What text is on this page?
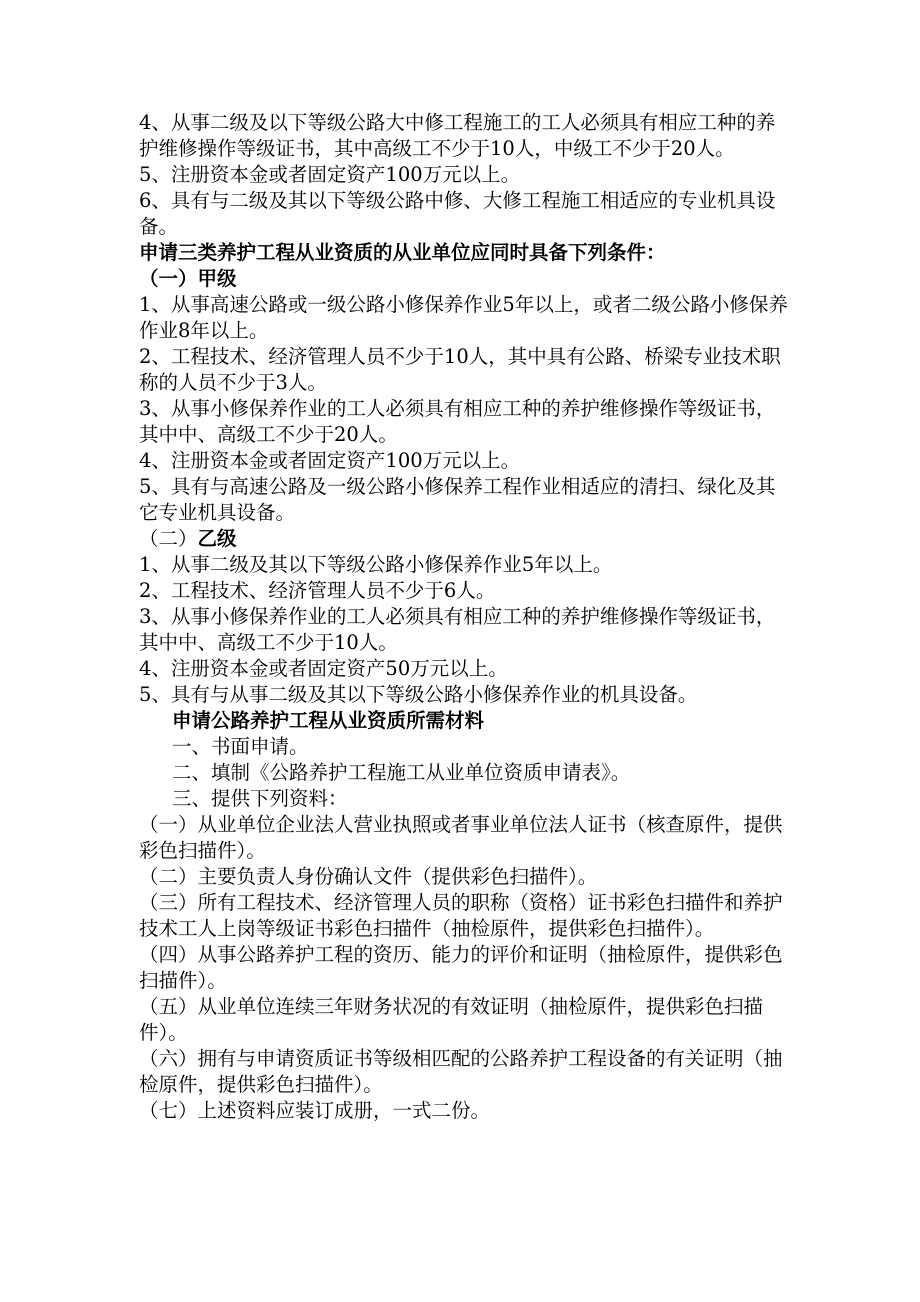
4、从事二级及以下等级公路大中修工程施工的工人必须具有相应工种的养护维修操作等级证书，其中高级工不少于10人，中级工不少于20人。

5、注册资本金或者固定资产100万元以上。

6、具有与二级及其以下等级公路中修、大修工程施工相适应的专业机具设备。

申请三类养护工程从业资质的从业单位应同时具备下列条件：

（一）甲级

1、从事高速公路或一级公路小修保养作业5年以上，或者二级公路小修保养作业8年以上。

2、工程技术、经济管理人员不少于10人，其中具有公路、桥梁专业技术职称的人员不少于3人。

3、从事小修保养作业的工人必须具有相应工种的养护维修操作等级证书，其中中、高级工不少于20人。

4、注册资本金或者固定资产100万元以上。

5、具有与高速公路及一级公路小修保养工程作业相适应的清扫、绿化及其它专业机具设备。

（二）乙级

1、从事二级及其以下等级公路小修保养作业5年以上。

2、工程技术、经济管理人员不少于6人。

3、从事小修保养作业的工人必须具有相应工种的养护维修操作等级证书，其中中、高级工不少于10人。

4、注册资本金或者固定资产50万元以上。

5、具有与从事二级及其以下等级公路小修保养作业的机具设备。

申请公路养护工程从业资质所需材料

一、书面申请。

二、填制《公路养护工程施工从业单位资质申请表》。

三、提供下列资料：

（一）从业单位企业法人营业执照或者事业单位法人证书（核查原件，提供彩色扫描件）。

（二）主要负责人身份确认文件（提供彩色扫描件）。

（三）所有工程技术、经济管理人员的职称（资格）证书彩色扫描件和养护技术工人上岗等级证书彩色扫描件（抽检原件，提供彩色扫描件）。

（四）从事公路养护工程的资历、能力的评价和证明（抽检原件，提供彩色扫描件）。

（五）从业单位连续三年财务状况的有效证明（抽检原件，提供彩色扫描件）。

（六）拥有与申请资质证书等级相匹配的公路养护工程设备的有关证明（抽检原件，提供彩色扫描件）。

（七）上述资料应装订成册，一式二份。
